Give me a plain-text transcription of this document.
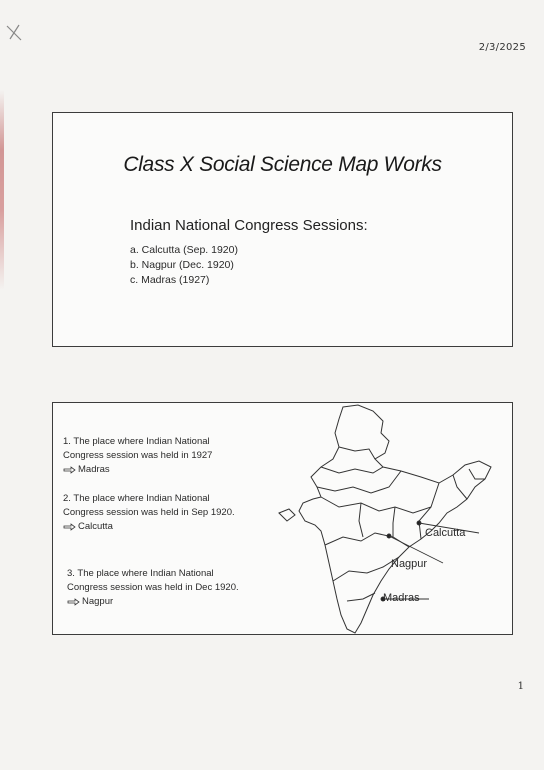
2/3/2025
Class X Social Science Map Works
Indian National Congress Sessions:
a. Calcutta (Sep. 1920)
b. Nagpur (Dec. 1920)
c. Madras (1927)
1. The place where Indian National Congress session was held in 1927
Madras
2. The place where Indian National Congress session was held in Sep 1920.
Calcutta
3. The place where Indian National Congress session was held in Dec 1920.
Nagpur
Calcutta
Nagpur
Madras
1
